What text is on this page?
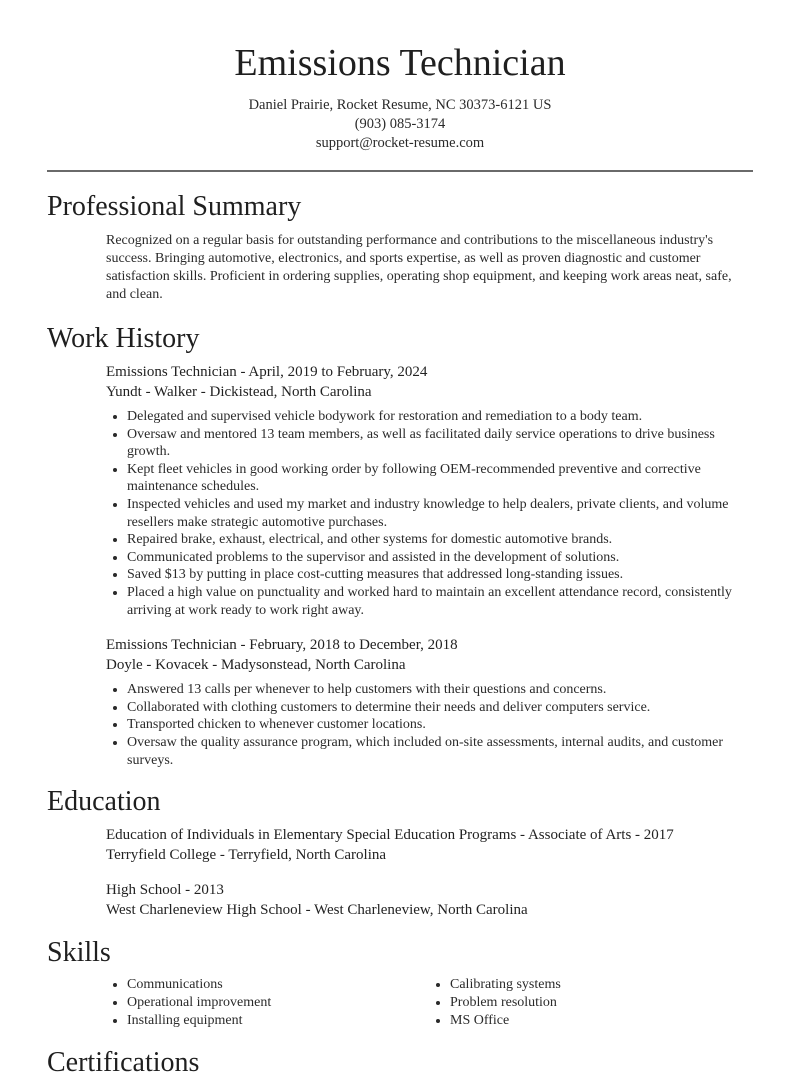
Emissions Technician
Daniel Prairie, Rocket Resume, NC 30373-6121 US
(903) 085-3174
support@rocket-resume.com
Professional Summary

Recognized on a regular basis for outstanding performance and contributions to the miscellaneous industry's success. Bringing automotive, electronics, and sports expertise, as well as proven diagnostic and customer satisfaction skills. Proficient in ordering supplies, operating shop equipment, and keeping work areas neat, safe, and clean.

Work History
Emissions Technician - April, 2019 to February, 2024
Yundt - Walker - Dickistead, North Carolina
• Delegated and supervised vehicle bodywork for restoration and remediation to a body team.
• Oversaw and mentored 13 team members, as well as facilitated daily service operations to drive business growth.
• Kept fleet vehicles in good working order by following OEM-recommended preventive and corrective maintenance schedules.
• Inspected vehicles and used my market and industry knowledge to help dealers, private clients, and volume resellers make strategic automotive purchases.
• Repaired brake, exhaust, electrical, and other systems for domestic automotive brands.
• Communicated problems to the supervisor and assisted in the development of solutions.
• Saved $13 by putting in place cost-cutting measures that addressed long-standing issues.
• Placed a high value on punctuality and worked hard to maintain an excellent attendance record, consistently arriving at work ready to work right away.
Emissions Technician - February, 2018 to December, 2018
Doyle - Kovacek - Madysonstead, North Carolina
• Answered 13 calls per whenever to help customers with their questions and concerns.
• Collaborated with clothing customers to determine their needs and deliver computers service.
• Transported chicken to whenever customer locations.
• Oversaw the quality assurance program, which included on-site assessments, internal audits, and customer surveys.
Education
Education of Individuals in Elementary Special Education Programs - Associate of Arts - 2017
Terryfield College - Terryfield, North Carolina
High School - 2013
West Charleneview High School - West Charleneview, North Carolina
Skills
• Communications
• Operational improvement
• Installing equipment
• Calibrating systems
• Problem resolution
• MS Office
Certifications
